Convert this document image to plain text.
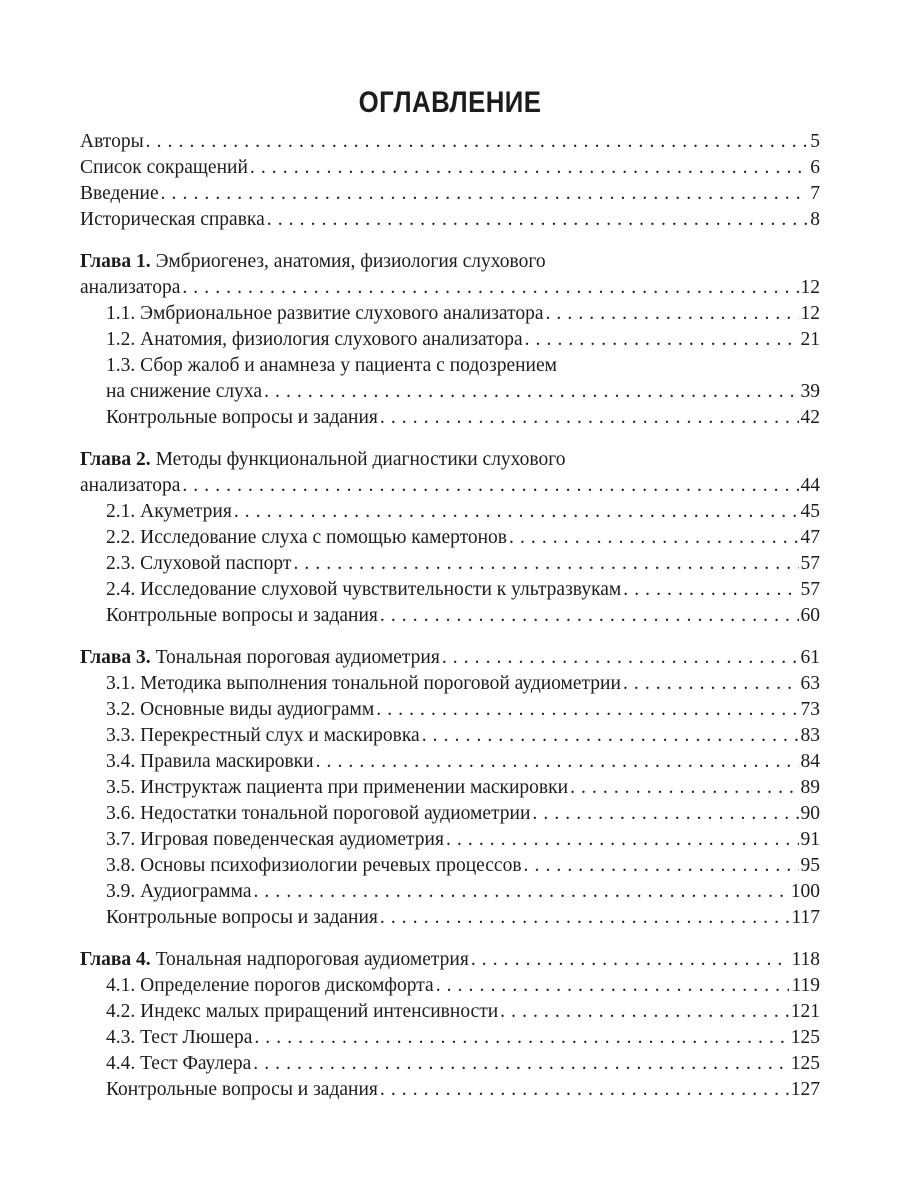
ОГЛАВЛЕНИЕ
Авторы . . .	5
Список сокращений . . .	6
Введение . . .	7
Историческая справка . . .	8
Глава 1. Эмбриогенез, анатомия, физиология слухового
анализатора . . .	12
1.1. Эмбриональное развитие слухового анализатора . . .	12
1.2. Анатомия, физиология слухового анализатора . . .	21
1.3. Сбор жалоб и анамнеза у пациента с подозрением
на снижение слуха . . .	39
Контрольные вопросы и задания . . .	42
Глава 2. Методы функциональной диагностики слухового
анализатора . . .	44
2.1. Акуметрия . . .	45
2.2. Исследование слуха с помощью камертонов . . .	47
2.3. Слуховой паспорт . . .	57
2.4. Исследование слуховой чувствительности к ультразвукам . . .	57
Контрольные вопросы и задания . . .	60
Глава 3. Тональная пороговая аудиометрия . . .	61
3.1. Методика выполнения тональной пороговой аудиометрии . . .	63
3.2. Основные виды аудиограмм . . .	73
3.3. Перекрестный слух и маскировка . . .	83
3.4. Правила маскировки . . .	84
3.5. Инструктаж пациента при применении маскировки . . .	89
3.6. Недостатки тональной пороговой аудиометрии . . .	90
3.7. Игровая поведенческая аудиометрия . . .	91
3.8. Основы психофизиологии речевых процессов . . .	95
3.9. Аудиограмма . . .	100
Контрольные вопросы и задания . . .	117
Глава 4. Тональная надпороговая аудиометрия . . .	118
4.1. Определение порогов дискомфорта . . .	119
4.2. Индекс малых приращений интенсивности . . .	121
4.3. Тест Люшера . . .	125
4.4. Тест Фаулера . . .	125
Контрольные вопросы и задания . . .	127
